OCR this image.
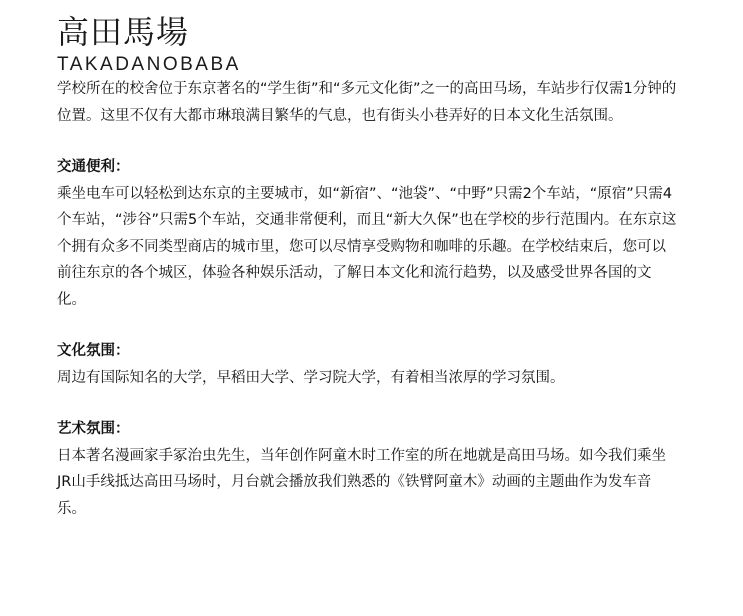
高田馬場
TAKADANOBABA

学校所在的校舍位于东京著名的“学生街”和“多元文化街”之一的高田马场，车站步行仅需1分钟的位置。这里不仅有大都市琳琅满目繁华的气息，也有街头小巷弄好的日本文化生活氛围。

交通便利：

乘坐电车可以轻松到达东京的主要城市，如“新宿”、“池袋”、“中野”只需2个车站，“原宿”只需4个车站，“涉谷”只需5个车站，交通非常便利，而且“新大久保”也在学校的步行范围内。在东京这个拥有众多不同类型商店的城市里，您可以尽情享受购物和咖啡的乐趣。在学校结束后，您可以前往东京的各个城区，体验各种娱乐活动，了解日本文化和流行趋势，以及感受世界各国的文化。

文化氛围：

周边有国际知名的大学，早稻田大学、学习院大学，有着相当浓厚的学习氛围。

艺术氛围：

日本著名漫画家手冢治虫先生，当年创作阿童木时工作室的所在地就是高田马场。如今我们乘坐JR山手线抵达高田马场时，月台就会播放我们熟悉的《铁臂阿童木》动画的主题曲作为发车音乐。
